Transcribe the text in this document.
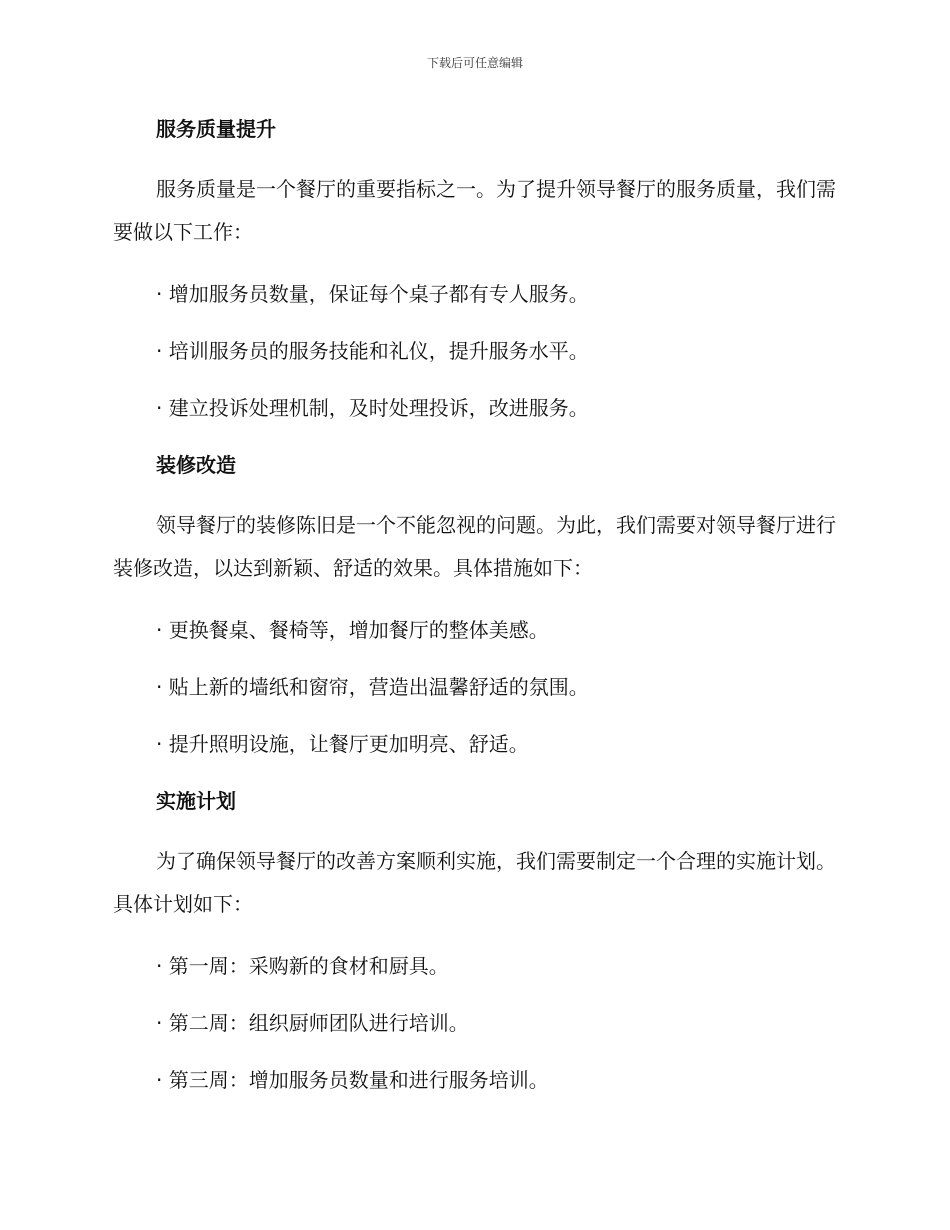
下载后可任意编辑
服务质量提升

服务质量是一个餐厅的重要指标之一。为了提升领导餐厅的服务质量，我们需要做以下工作：

· 增加服务员数量，保证每个桌子都有专人服务。

· 培训服务员的服务技能和礼仪，提升服务水平。

· 建立投诉处理机制，及时处理投诉，改进服务。

装修改造

领导餐厅的装修陈旧是一个不能忽视的问题。为此，我们需要对领导餐厅进行装修改造，以达到新颖、舒适的效果。具体措施如下：

· 更换餐桌、餐椅等，增加餐厅的整体美感。

· 贴上新的墙纸和窗帘，营造出温馨舒适的氛围。

· 提升照明设施，让餐厅更加明亮、舒适。

实施计划

为了确保领导餐厅的改善方案顺利实施，我们需要制定一个合理的实施计划。具体计划如下：

· 第一周：采购新的食材和厨具。

· 第二周：组织厨师团队进行培训。

· 第三周：增加服务员数量和进行服务培训。
